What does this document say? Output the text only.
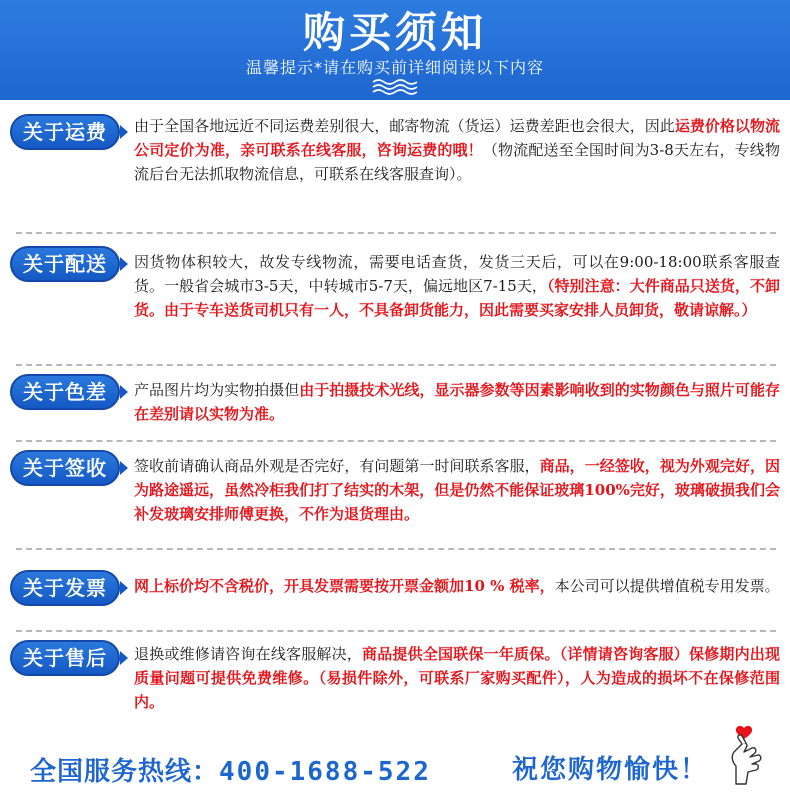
购买须知
温馨提示*请在购买前详细阅读以下内容
关于运费	由于全国各地远近不同运费差别很大，邮寄物流（货运）运费差距也会很大，因此运费价格以物流公司定价为准，亲可联系在线客服，咨询运费的哦！（物流配送至全国时间为3-8天左右，专线物流后台无法抓取物流信息，可联系在线客服查询）。
关于配送	因货物体积较大，故发专线物流，需要电话查货，发货三天后，可以在9:00-18:00联系客服查货。一般省会城市3-5天，中转城市5-7天，偏远地区7-15天，（特别注意：大件商品只送货，不卸货。由于专车送货司机只有一人，不具备卸货能力，因此需要买家安排人员卸货，敬请谅解。）
关于色差	产品图片均为实物拍摄但由于拍摄技术光线，显示器参数等因素影响收到的实物颜色与照片可能存在差别请以实物为准。
关于签收	签收前请确认商品外观是否完好，有问题第一时间联系客服，商品，一经签收，视为外观完好，因为路途遥远，虽然冷柜我们打了结实的木架，但是仍然不能保证玻璃100%完好，玻璃破损我们会补发玻璃安排师傅更换，不作为退货理由。
关于发票	网上标价均不含税价，开具发票需要按开票金额加10 % 税率，本公司可以提供增值税专用发票。
关于售后	退换或维修请咨询在线客服解决，商品提供全国联保一年质保。（详情请咨询客服）保修期内出现质量问题可提供免费维修。（易损件除外，可联系厂家购买配件），人为造成的损坏不在保修范围内。
全国服务热线：400-1688-522	祝您购物愉快！
